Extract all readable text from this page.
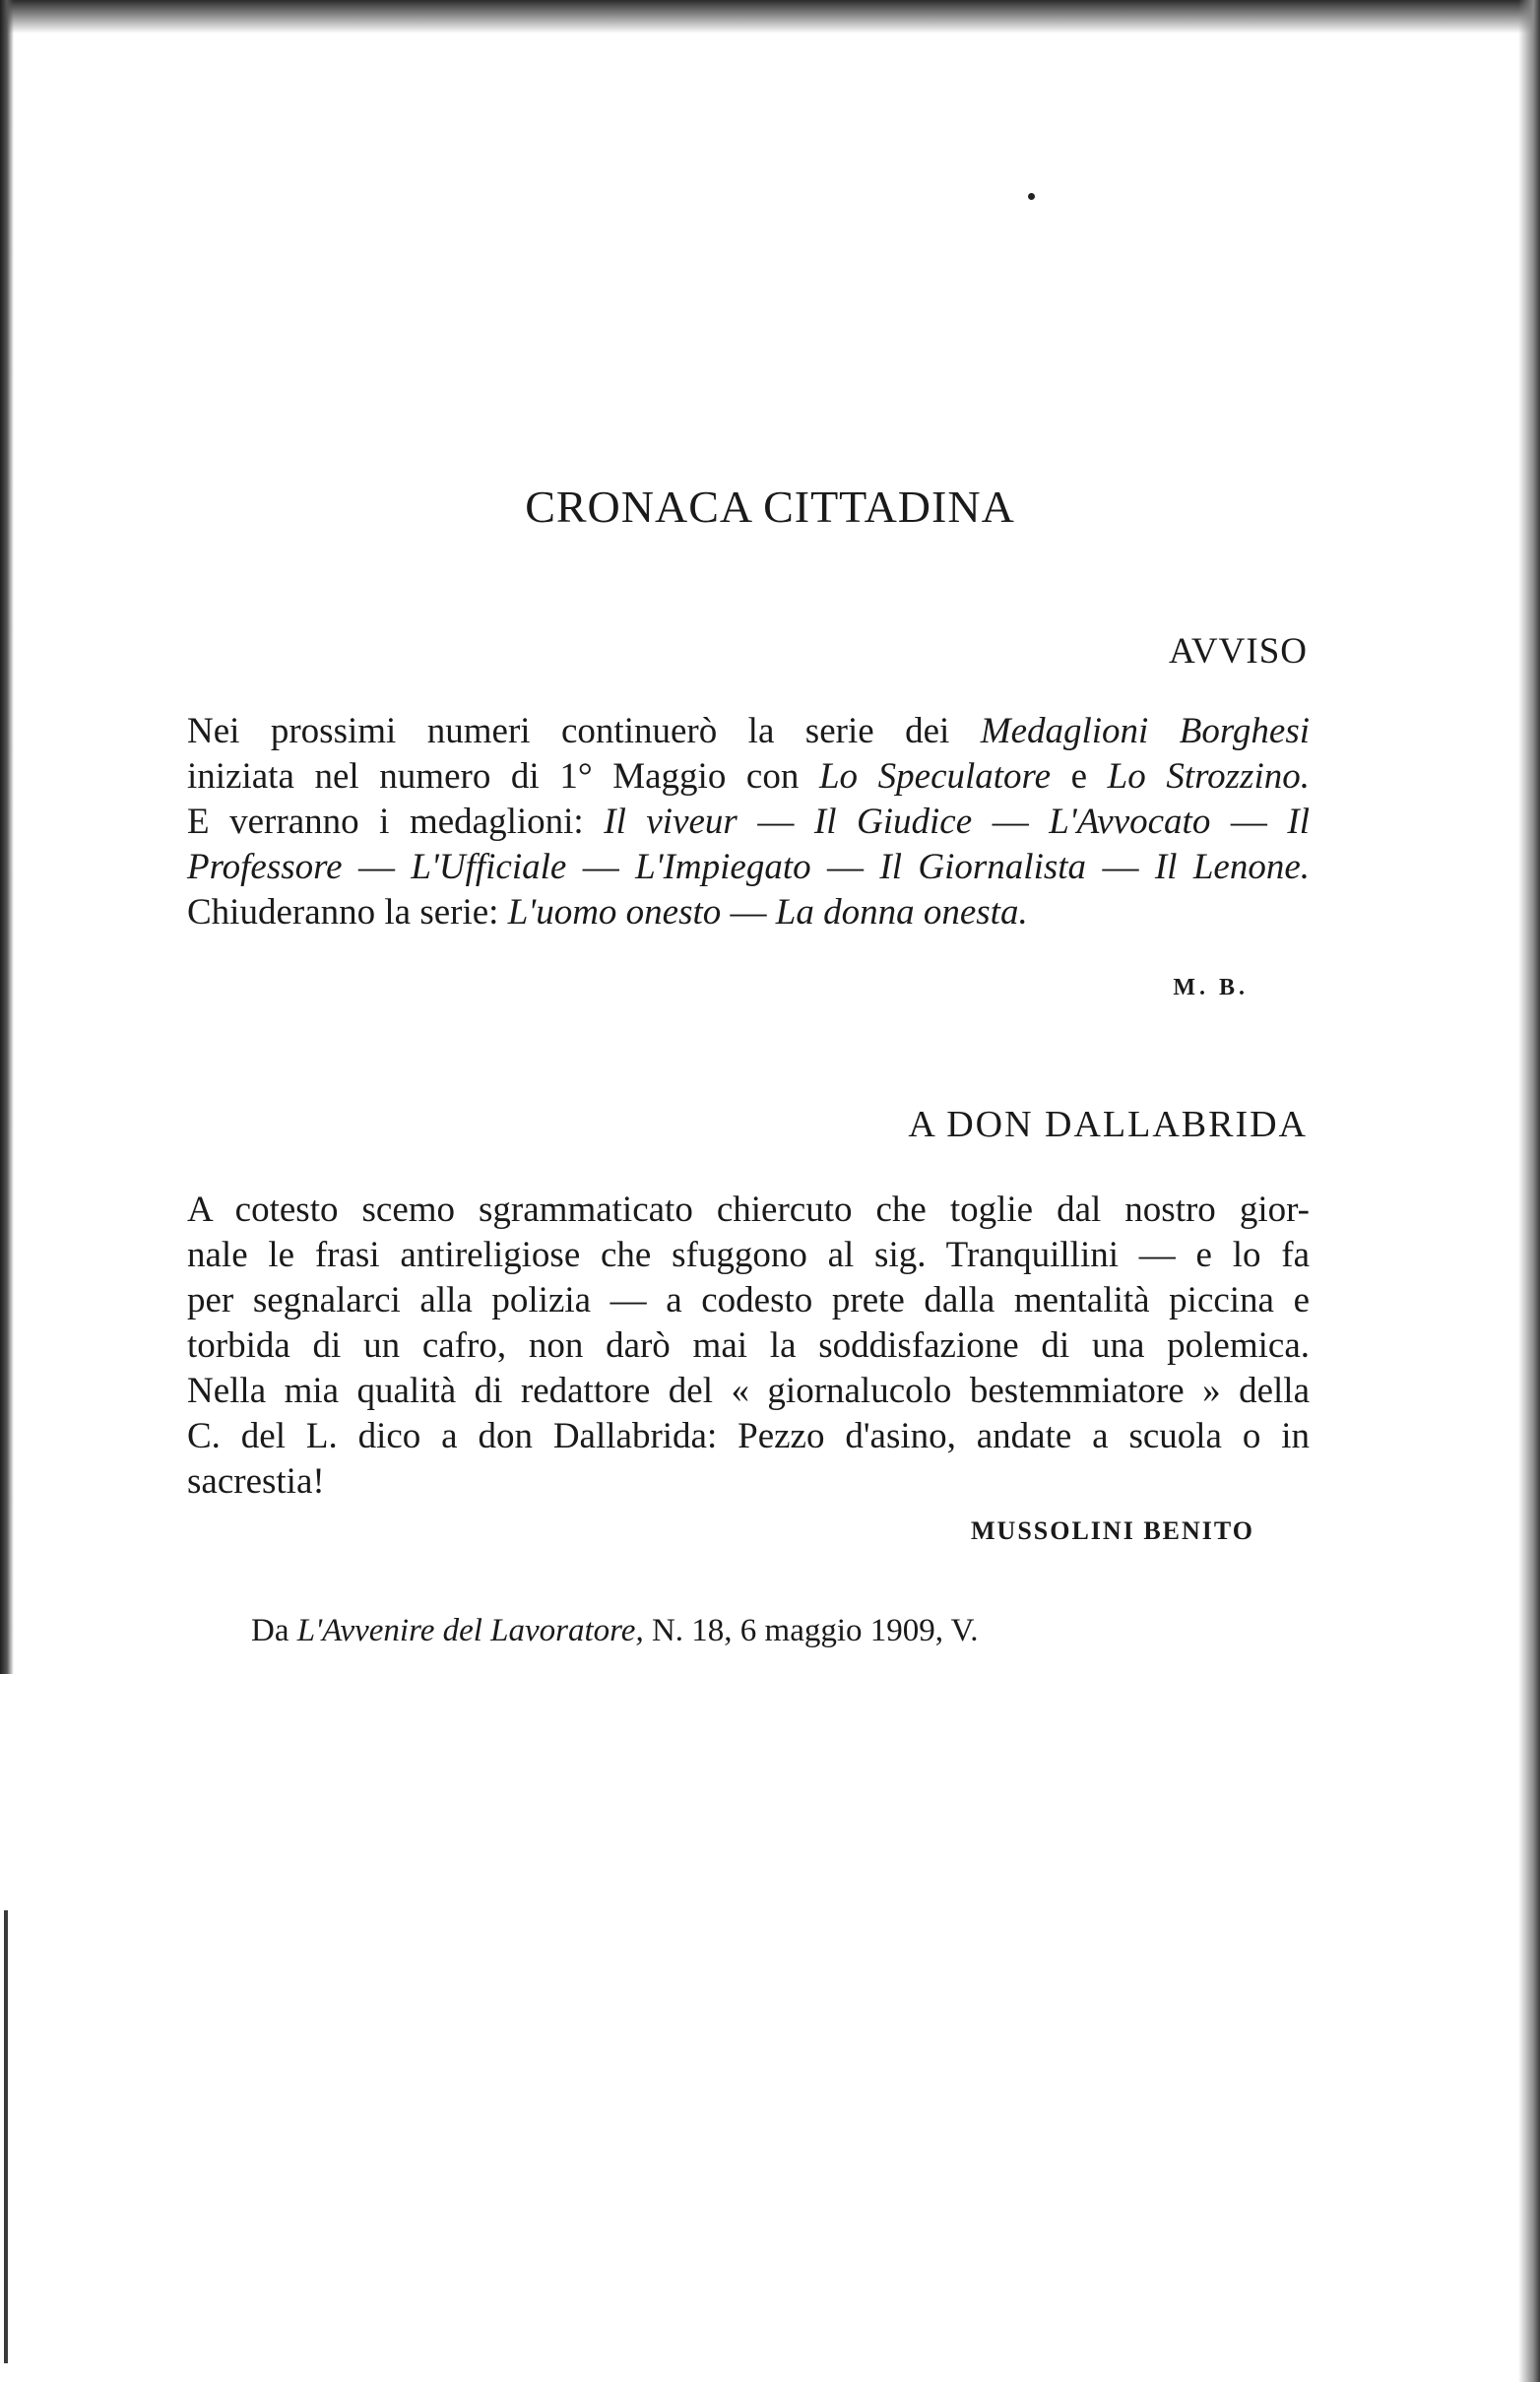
CRONACA CITTADINA
AVVISO
Nei prossimi numeri continuerò la serie dei Medaglioni Borghesi
iniziata nel numero di 1° Maggio con Lo Speculatore e Lo Strozzino.
E verranno i medaglioni: Il viveur — Il Giudice — L'Avvocato — Il
Professore — L'Ufficiale — L'Impiegato — Il Giornalista — Il Lenone.
Chiuderanno la serie: L'uomo onesto — La donna onesta.
M. B.
A DON DALLABRIDA
A cotesto scemo sgrammaticato chiercuto che toglie dal nostro gior-
nale le frasi antireligiose che sfuggono al sig. Tranquillini — e lo fa
per segnalarci alla polizia — a codesto prete dalla mentalità piccina e
torbida di un cafro, non darò mai la soddisfazione di una polemica.
Nella mia qualità di redattore del « giornalucolo bestemmiatore » della
C. del L. dico a don Dallabrida: Pezzo d'asino, andate a scuola o in
sacrestia!
MUSSOLINI BENITO
Da L'Avvenire del Lavoratore, N. 18, 6 maggio 1909, V.
